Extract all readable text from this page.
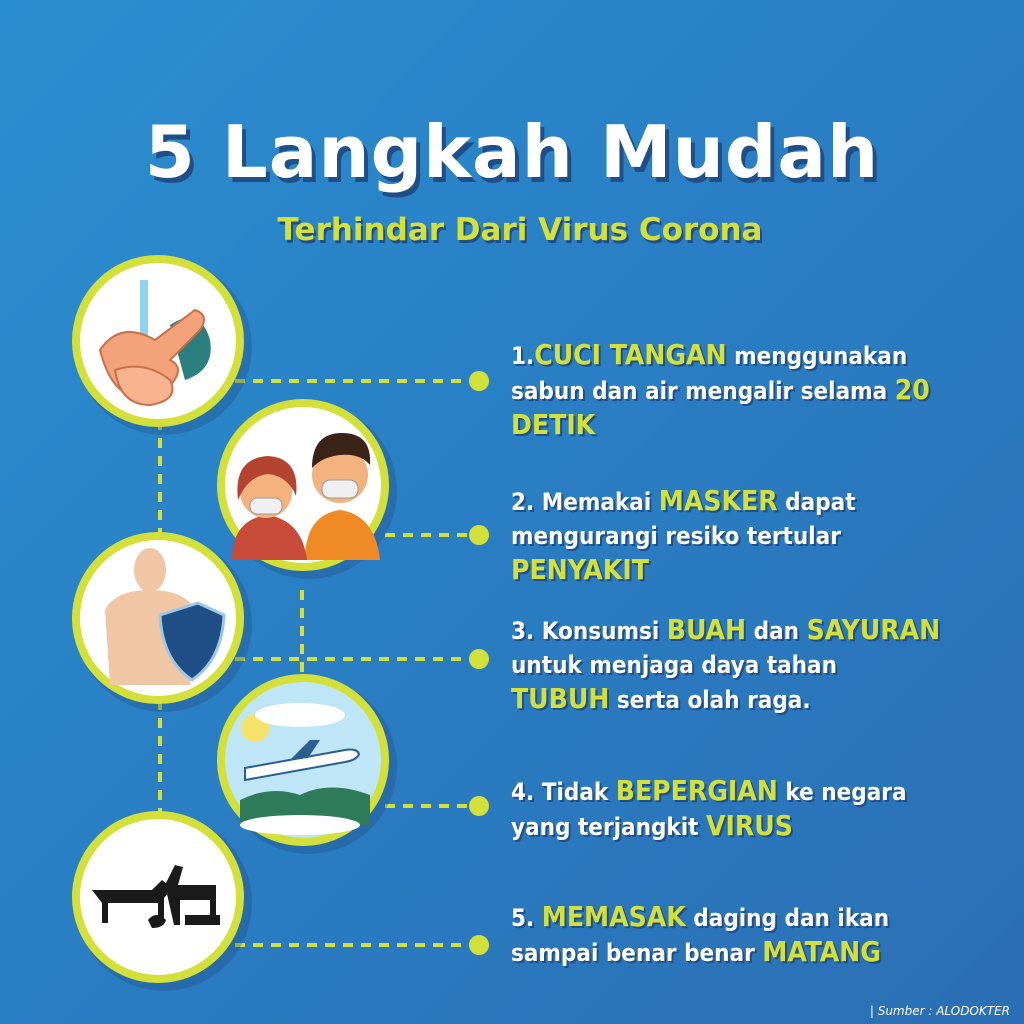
5 Langkah Mudah
Terhindar Dari Virus Corona
1.CUCI TANGAN menggunakan sabun dan air mengalir selama 20 DETIK
2. Memakai MASKER dapat mengurangi resiko tertular PENYAKIT
3. Konsumsi BUAH dan SAYURAN untuk menjaga daya tahan TUBUH serta olah raga.
4. Tidak BEPERGIAN ke negara yang terjangkit VIRUS
5. MEMASAK daging dan ikan sampai benar benar MATANG
| Sumber : ALODOKTER
